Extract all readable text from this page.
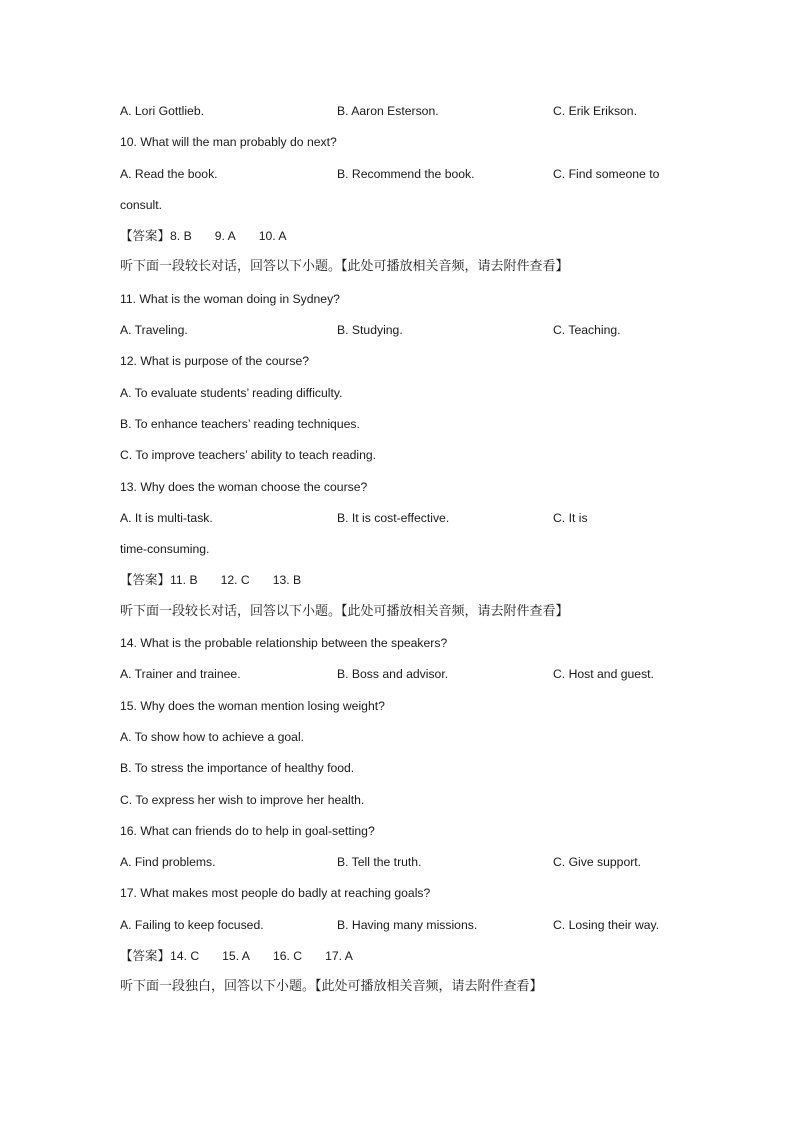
A. Lori Gottlieb.	B. Aaron Esterson.	C. Erik Erikson.
10. What will the man probably do next?
A. Read the book.	B. Recommend the book.	C. Find someone to
consult.
【答案】8. B 9. A 10. A
听下面一段较长对话，回答以下小题。【此处可播放相关音频，请去附件查看】
11. What is the woman doing in Sydney?
A. Traveling.	B. Studying.	C. Teaching.
12. What is purpose of the course?
A. To evaluate students’ reading difficulty.
B. To enhance teachers’ reading techniques.
C. To improve teachers’ ability to teach reading.
13. Why does the woman choose the course?
A. It is multi-task.	B. It is cost-effective.	C. It is
time-consuming.
【答案】11. B 12. C 13. B
听下面一段较长对话，回答以下小题。【此处可播放相关音频，请去附件查看】
14. What is the probable relationship between the speakers?
A. Trainer and trainee.	B. Boss and advisor.	C. Host and guest.
15. Why does the woman mention losing weight?
A. To show how to achieve a goal.
B. To stress the importance of healthy food.
C. To express her wish to improve her health.
16. What can friends do to help in goal-setting?
A. Find problems.	B. Tell the truth.	C. Give support.
17. What makes most people do badly at reaching goals?
A. Failing to keep focused.	B. Having many missions.	C. Losing their way.
【答案】14. C 15. A 16. C 17. A
听下面一段独白，回答以下小题。【此处可播放相关音频，请去附件查看】
